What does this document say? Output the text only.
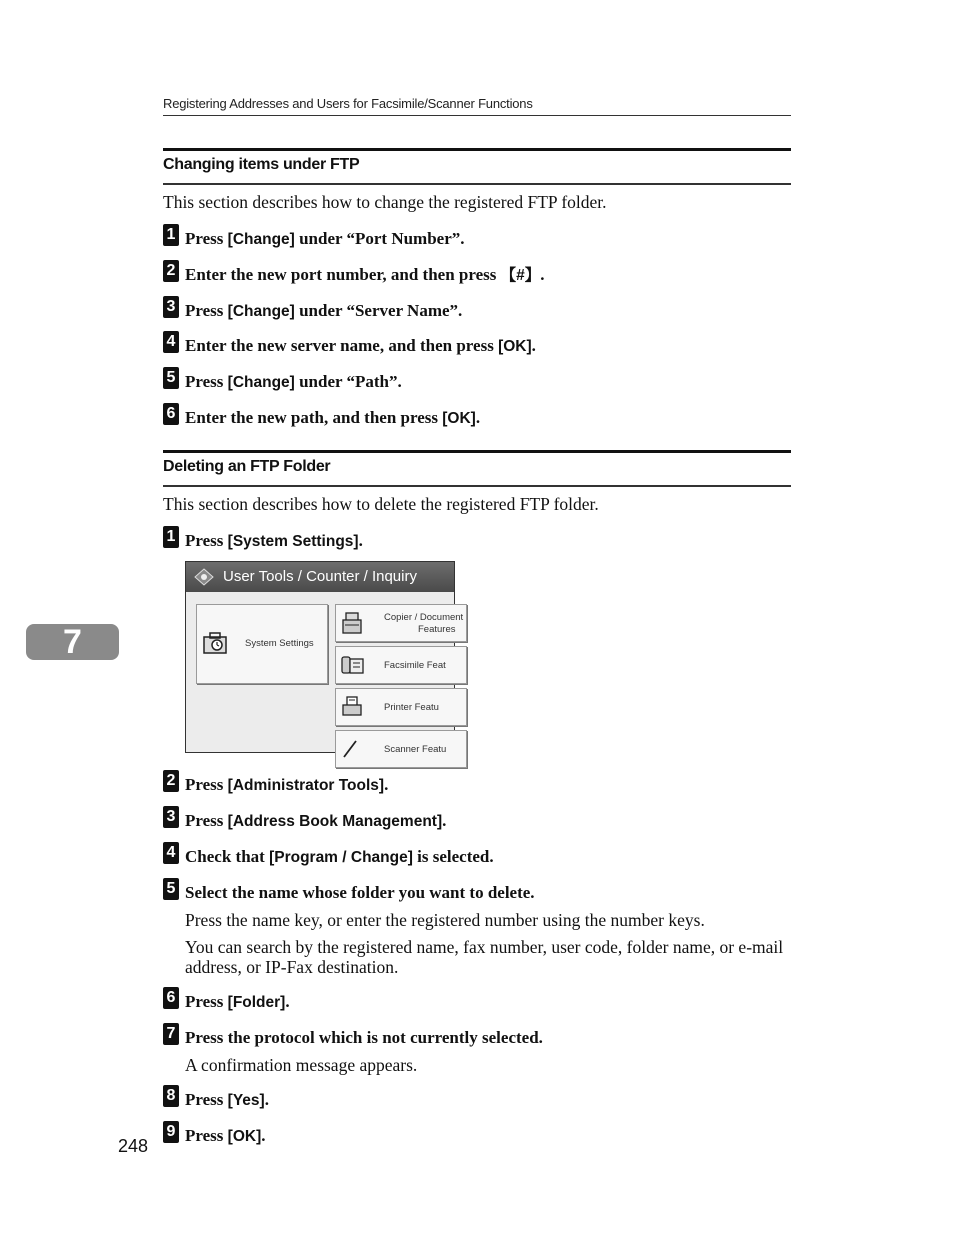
Registering Addresses and Users for Facsimile/Scanner Functions
Changing items under FTP
This section describes how to change the registered FTP folder.
1 Press [Change] under “Port Number”.
2 Enter the new port number, and then press 【#】.
3 Press [Change] under “Server Name”.
4 Enter the new server name, and then press [OK].
5 Press [Change] under “Path”.
6 Enter the new path, and then press [OK].
Deleting an FTP Folder
This section describes how to delete the registered FTP folder.
1 Press [System Settings].
User Tools / Counter / Inquiry
System Settings
Copier / Document
Features
Facsimile Feat
Printer Featu
Scanner Featu
2 Press [Administrator Tools].
3 Press [Address Book Management].
4 Check that [Program / Change] is selected.
5 Select the name whose folder you want to delete.
Press the name key, or enter the registered number using the number keys.
You can search by the registered name, fax number, user code, folder name, or e-mail address, or IP-Fax destination.
6 Press [Folder].
7 Press the protocol which is not currently selected.
A confirmation message appears.
8 Press [Yes].
9 Press [OK].
7
248
